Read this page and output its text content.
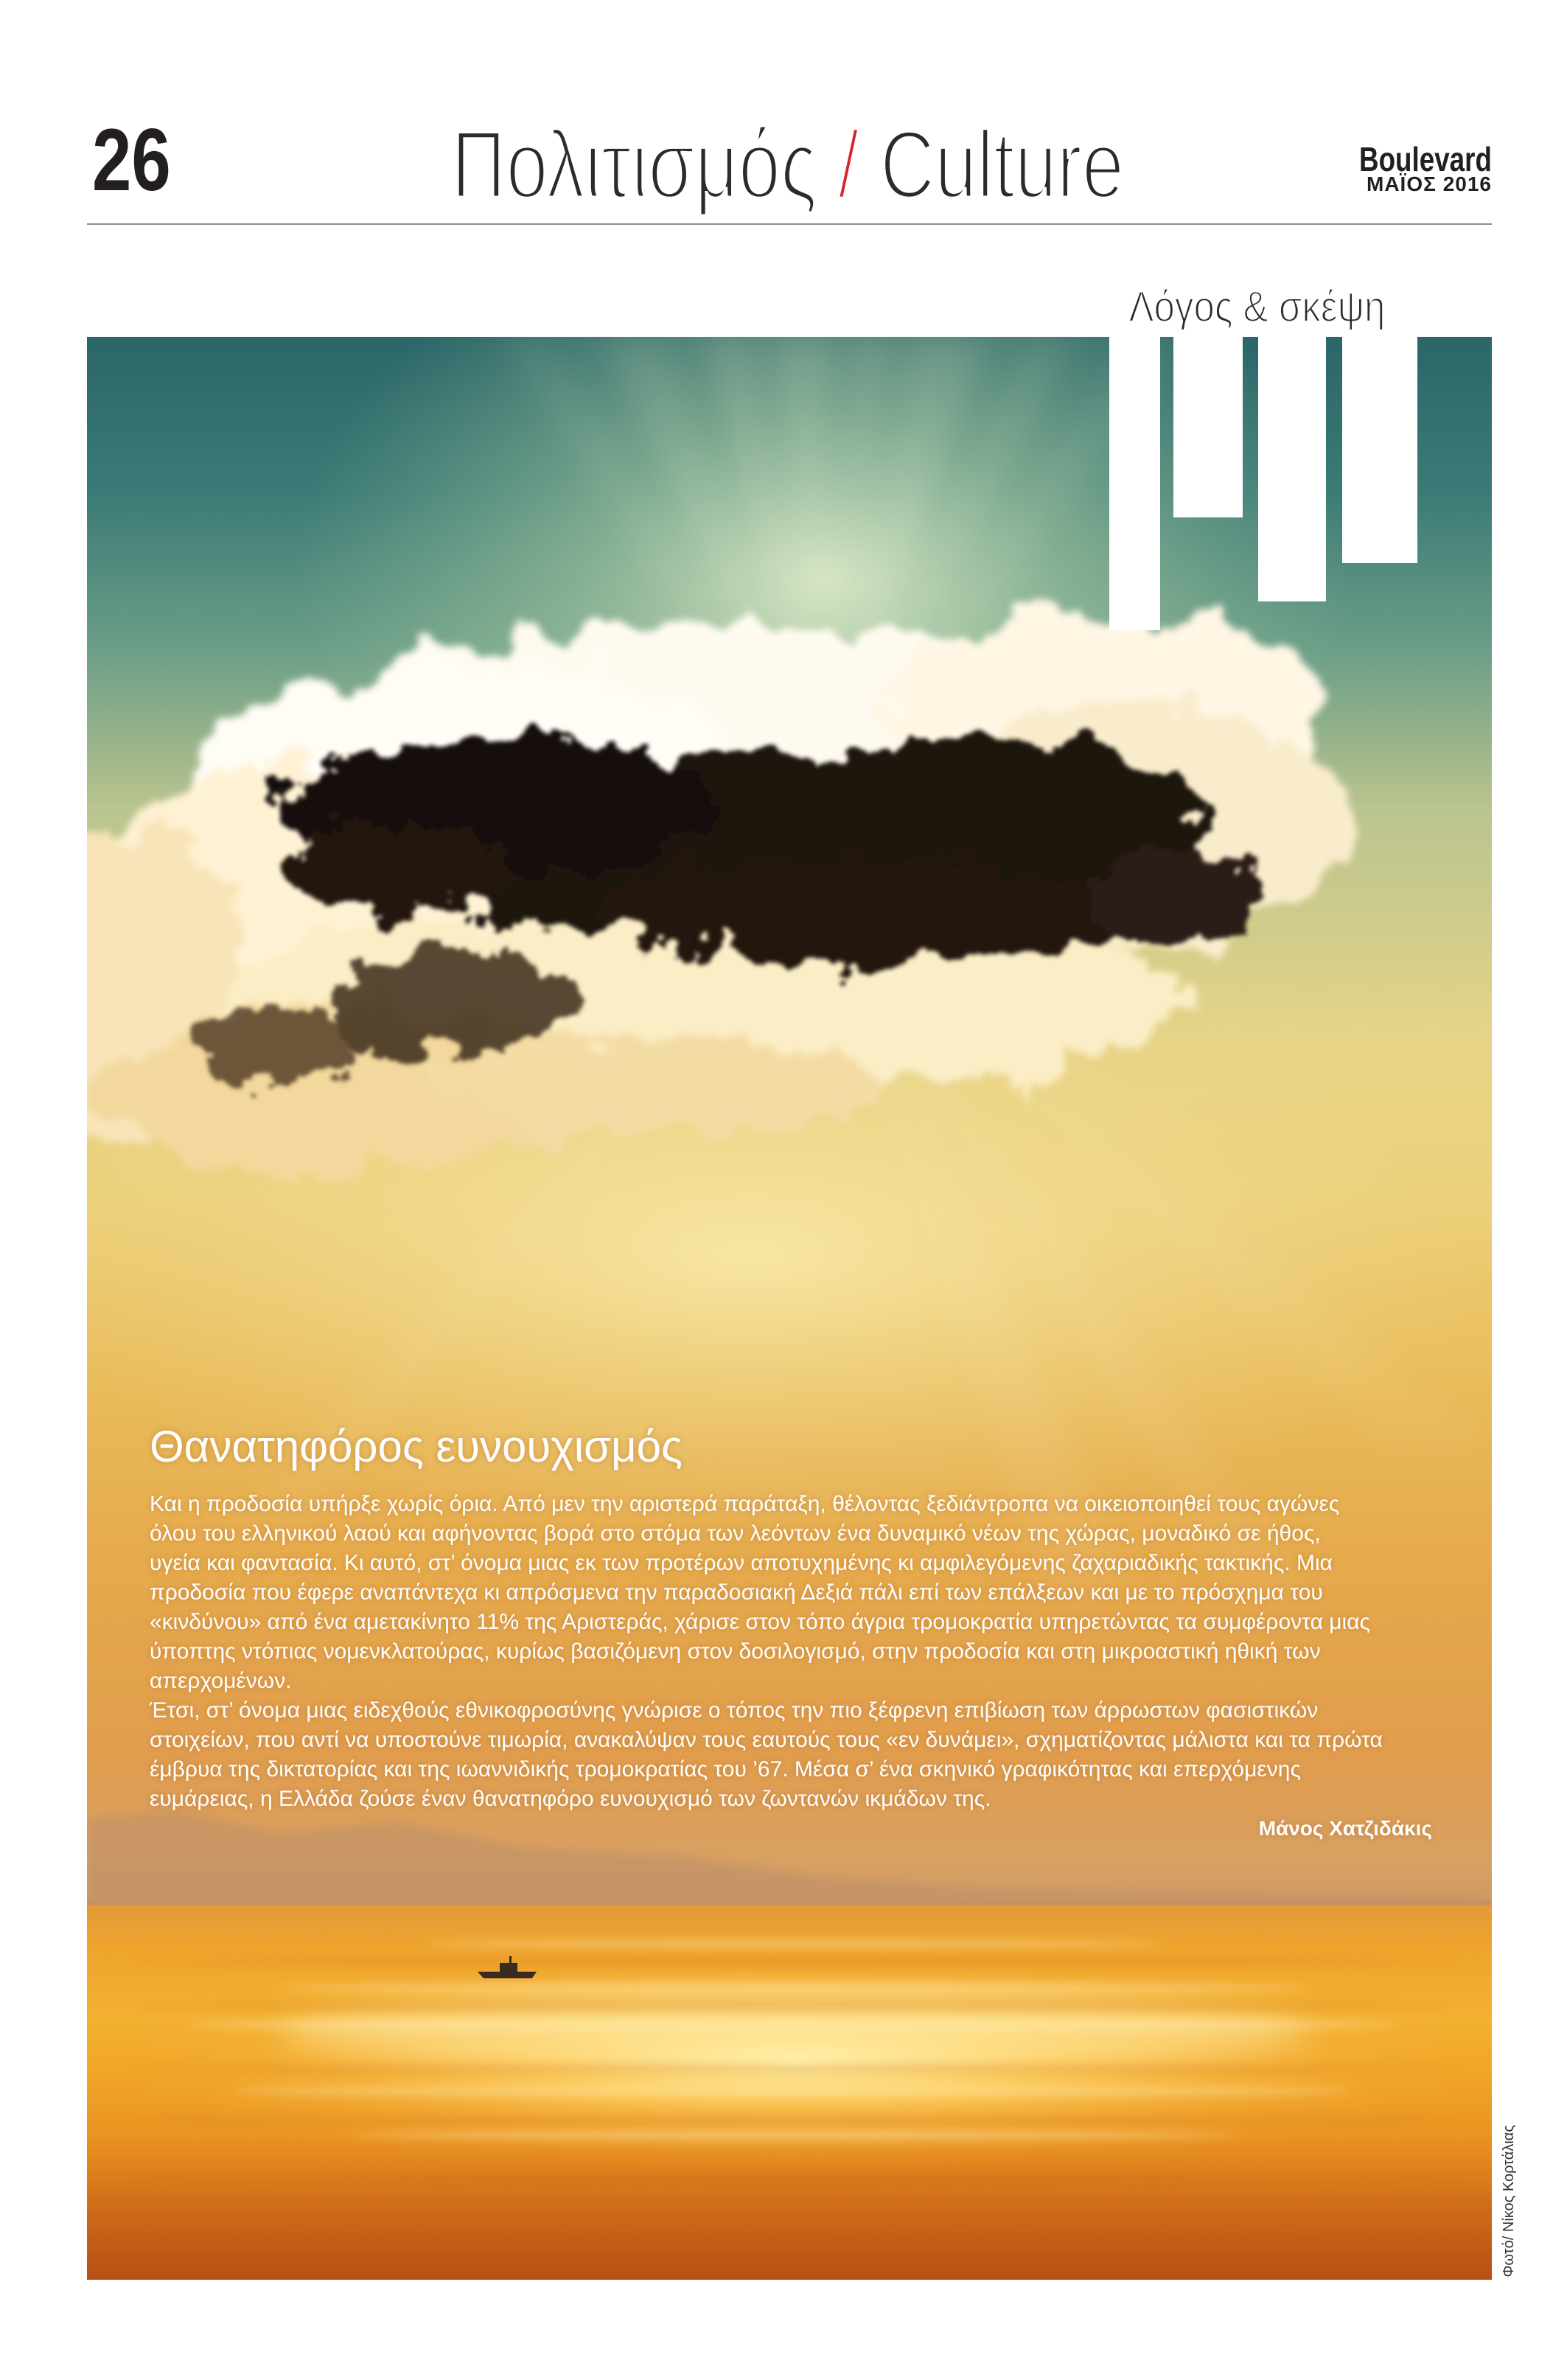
26	Πολιτισμός / Culture	Boulevard
ΜΑΪΟΣ 2016
Λόγος & σκέψη
Θανατηφόρος ευνουχισμός
Και η προδοσία υπήρξε χωρίς όρια. Από μεν την αριστερά παράταξη, θέλοντας ξεδιάντροπα να οικειοποιηθεί τους αγώνες
όλου του ελληνικού λαού και αφήνοντας βορά στο στόμα των λεόντων ένα δυναμικό νέων της χώρας, μοναδικό σε ήθος,
υγεία και φαντασία. Κι αυτό, στ’ όνομα μιας εκ των προτέρων αποτυχημένης κι αμφιλεγόμενης ζαχαριαδικής τακτικής. Μια
προδοσία που έφερε αναπάντεχα κι απρόσμενα την παραδοσιακή Δεξιά πάλι επί των επάλξεων και με το πρόσχημα του
«κινδύνου» από ένα αμετακίνητο 11% της Αριστεράς, χάρισε στον τόπο άγρια τρομοκρατία υπηρετώντας τα συμφέροντα μιας
ύποπτης ντόπιας νομενκλατούρας, κυρίως βασιζόμενη στον δοσιλογισμό, στην προδοσία και στη μικροαστική ηθική των
απερχομένων.
Έτσι, στ’ όνομα μιας ειδεχθούς εθνικοφροσύνης γνώρισε ο τόπος την πιο ξέφρενη επιβίωση των άρρωστων φασιστικών
στοιχείων, που αντί να υποστούνε τιμωρία, ανακαλύψαν τους εαυτούς τους «εν δυνάμει», σχηματίζοντας μάλιστα και τα πρώτα
έμβρυα της δικτατορίας και της ιωαννιδικής τρομοκρατίας του ’67. Μέσα σ’ ένα σκηνικό γραφικότητας και επερχόμενης
ευμάρειας, η Ελλάδα ζούσε έναν θανατηφόρο ευνουχισμό των ζωντανών ικμάδων της.
Μάνος Χατζιδάκις
Φωτό/ Νίκος Κορτάλιας
